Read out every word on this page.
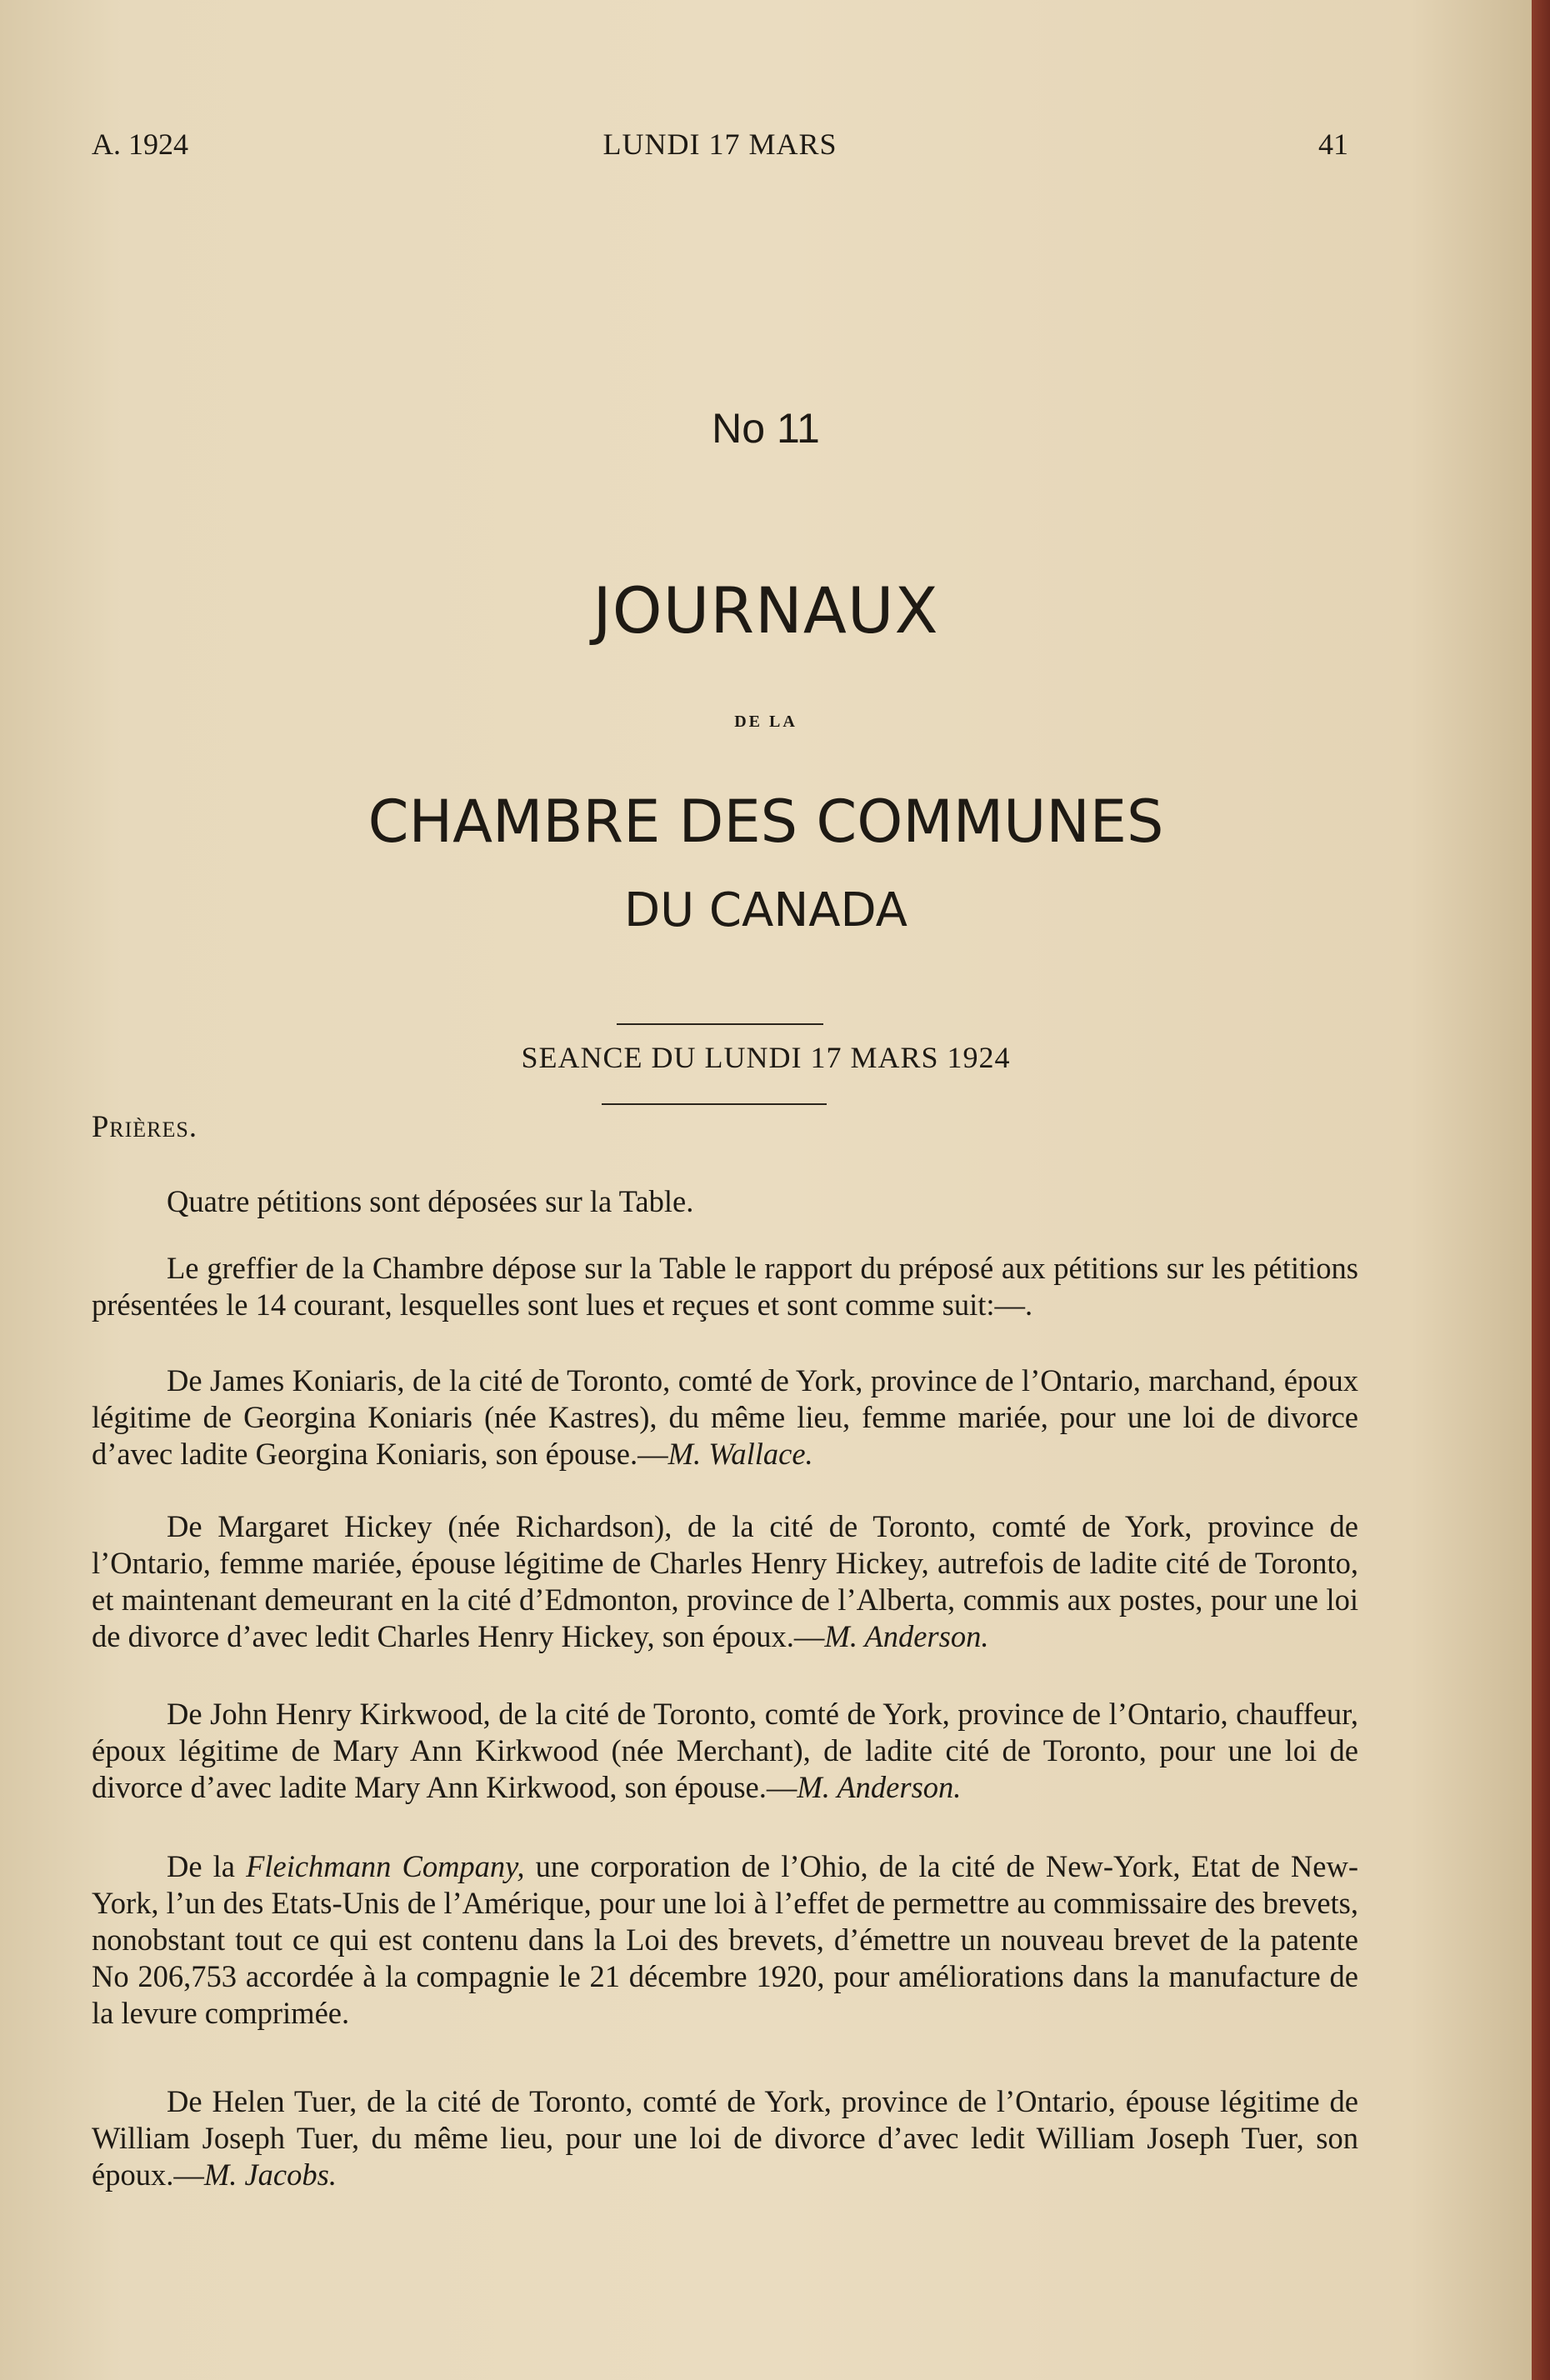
A. 1924	LUNDI 17 MARS	41
No 11
JOURNAUX
DE LA
CHAMBRE DES COMMUNES
DU CANADA
SEANCE DU LUNDI 17 MARS 1924
Prières.
Quatre pétitions sont déposées sur la Table.
Le greffier de la Chambre dépose sur la Table le rapport du préposé aux pétitions sur les pétitions présentées le 14 courant, lesquelles sont lues et reçues et sont comme suit:—.
De James Koniaris, de la cité de Toronto, comté de York, province de l’Ontario, marchand, époux légitime de Georgina Koniaris (née Kastres), du même lieu, femme mariée, pour une loi de divorce d’avec ladite Georgina Koniaris, son épouse.—M. Wallace.
De Margaret Hickey (née Richardson), de la cité de Toronto, comté de York, province de l’Ontario, femme mariée, épouse légitime de Charles Henry Hickey, autrefois de ladite cité de Toronto, et maintenant demeurant en la cité d’Edmonton, province de l’Alberta, commis aux postes, pour une loi de divorce d’avec ledit Charles Henry Hickey, son époux.—M. Anderson.
De John Henry Kirkwood, de la cité de Toronto, comté de York, province de l’Ontario, chauffeur, époux légitime de Mary Ann Kirkwood (née Merchant), de ladite cité de Toronto, pour une loi de divorce d’avec ladite Mary Ann Kirkwood, son épouse.—M. Anderson.
De la Fleichmann Company, une corporation de l’Ohio, de la cité de New-York, Etat de New-York, l’un des Etats-Unis de l’Amérique, pour une loi à l’effet de permettre au commissaire des brevets, nonobstant tout ce qui est contenu dans la Loi des brevets, d’émettre un nouveau brevet de la patente No 206,753 accordée à la compagnie le 21 décembre 1920, pour améliorations dans la manufacture de la levure comprimée.
De Helen Tuer, de la cité de Toronto, comté de York, province de l’Ontario, épouse légitime de William Joseph Tuer, du même lieu, pour une loi de divorce d’avec ledit William Joseph Tuer, son époux.—M. Jacobs.
